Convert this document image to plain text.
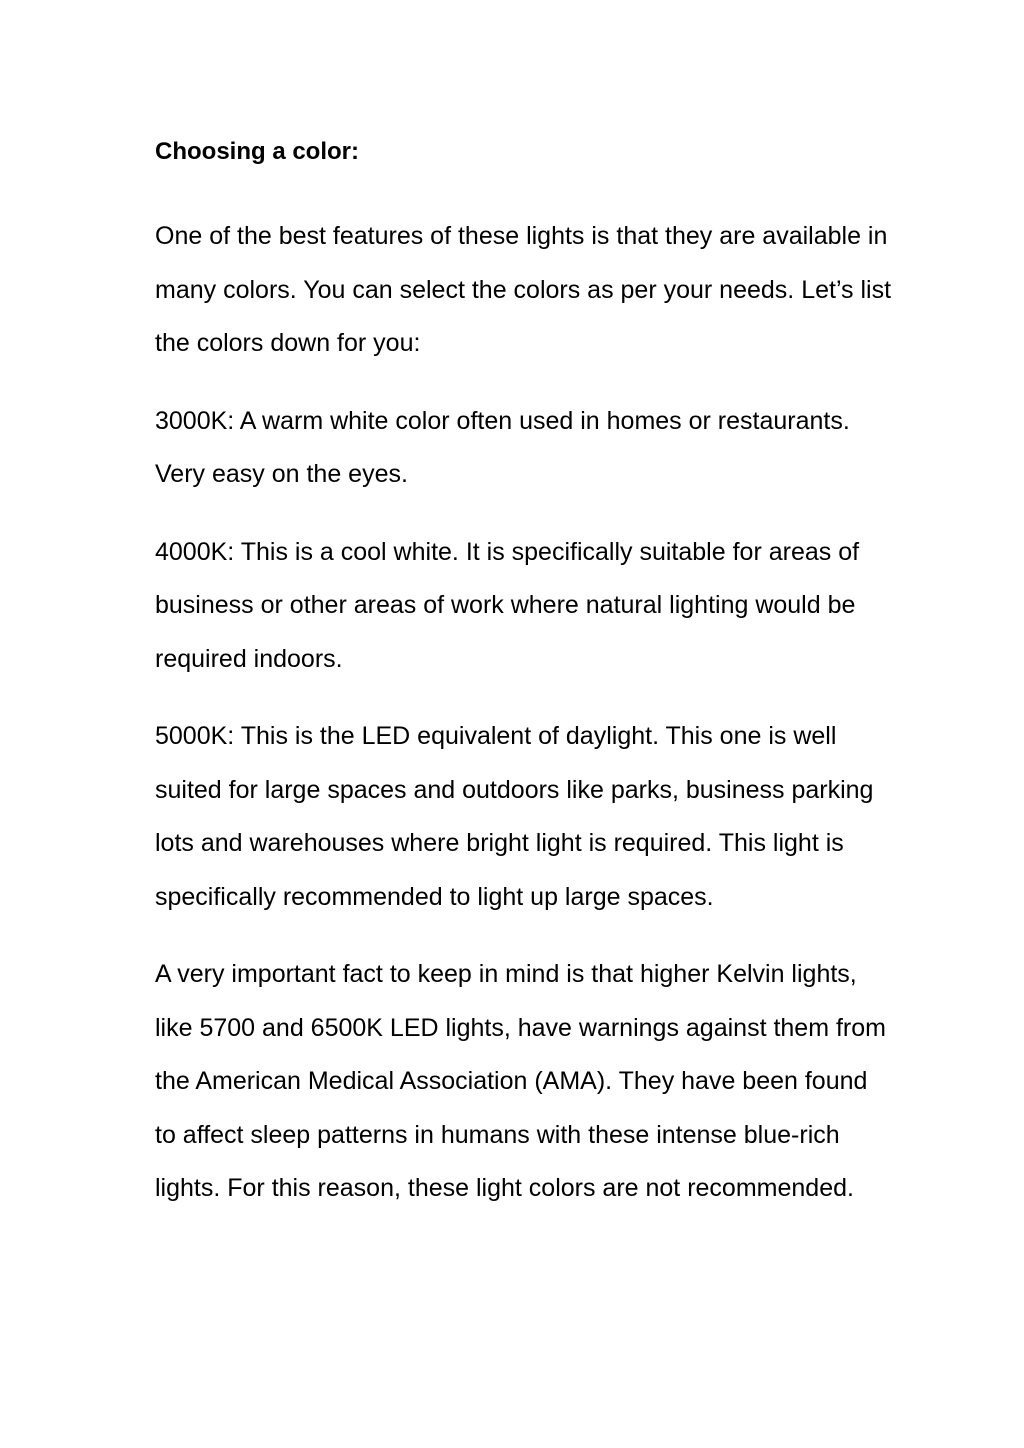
Choosing a color:

One of the best features of these lights is that they are available in many colors. You can select the colors as per your needs. Let’s list the colors down for you:

3000K: A warm white color often used in homes or restaurants. Very easy on the eyes.

4000K: This is a cool white. It is specifically suitable for areas of business or other areas of work where natural lighting would be required indoors.

5000K: This is the LED equivalent of daylight. This one is well suited for large spaces and outdoors like parks, business parking lots and warehouses where bright light is required. This light is specifically recommended to light up large spaces.

A very important fact to keep in mind is that higher Kelvin lights, like 5700 and 6500K LED lights, have warnings against them from the American Medical Association (AMA). They have been found to affect sleep patterns in humans with these intense blue-rich lights. For this reason, these light colors are not recommended.
